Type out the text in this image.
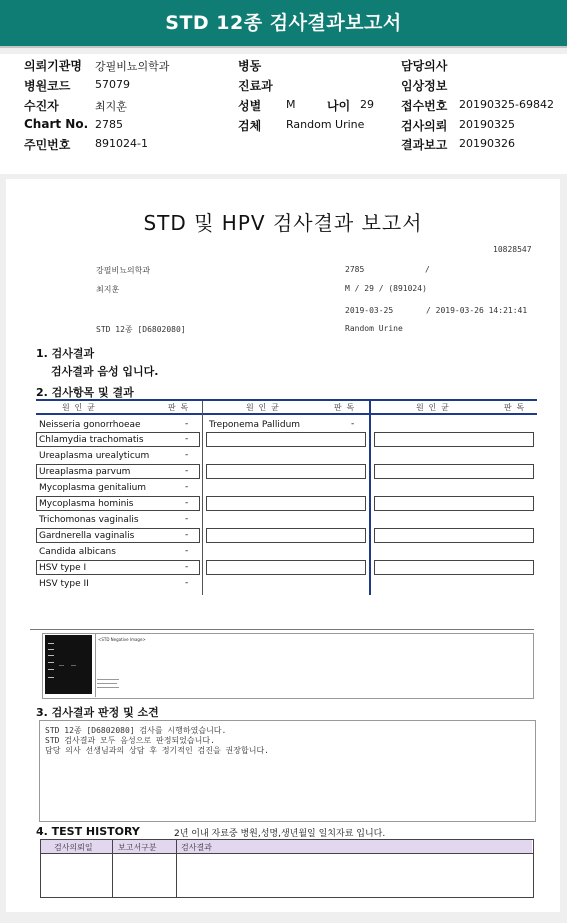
STD 12종 검사결과보고서
의뢰기관명 강필비뇨의학과
병원코드 57079
수진자	최지훈
Chart No. 2785
주민번호 891024-1
병동
진료과
성별 M	나이 29
검체 Random Urine
담당의사
임상정보
접수번호 20190325-69842
검사의뢰 20190325
결과보고 20190326
STD 및 HPV 검사결과 보고서
10828547
강필비뇨의학과	2785	/
최지훈	M / 29 / (891024)
2019-03-25	/ 2019-03-26 14:21:41
STD 12종 [D6802080]	Random Urine
1. 검사결과
검사결과 음성 입니다.
2. 검사항목 및 결과
원 인 균	판 독	원 인 균	판 독	원 인 균	판 독
Neisseria gonorrhoeae	-
Chlamydia trachomatis	-
Ureaplasma urealyticum	-
Ureaplasma parvum	-
Mycoplasma genitalium	-
Mycoplasma hominis	-
Trichomonas vaginalis	-
Gardnerella vaginalis	-
Candida albicans	-
HSV type I	-
HSV type II	-
Treponema Pallidum	-
<STD Negative Image>
3. 검사결과 판정 및 소견
STD 12종 [D6802080] 검사를 시행하였습니다.
STD 검사결과 모두 음성으로 판정되었습니다.
담당 의사 선생님과의 상담 후 정기적인 검진을 권장합니다.
4. TEST HISTORY	2년 이내 자료중 병원,성명,생년월일 일치자료 입니다.
검사의뢰일	보고서구분	검사결과
